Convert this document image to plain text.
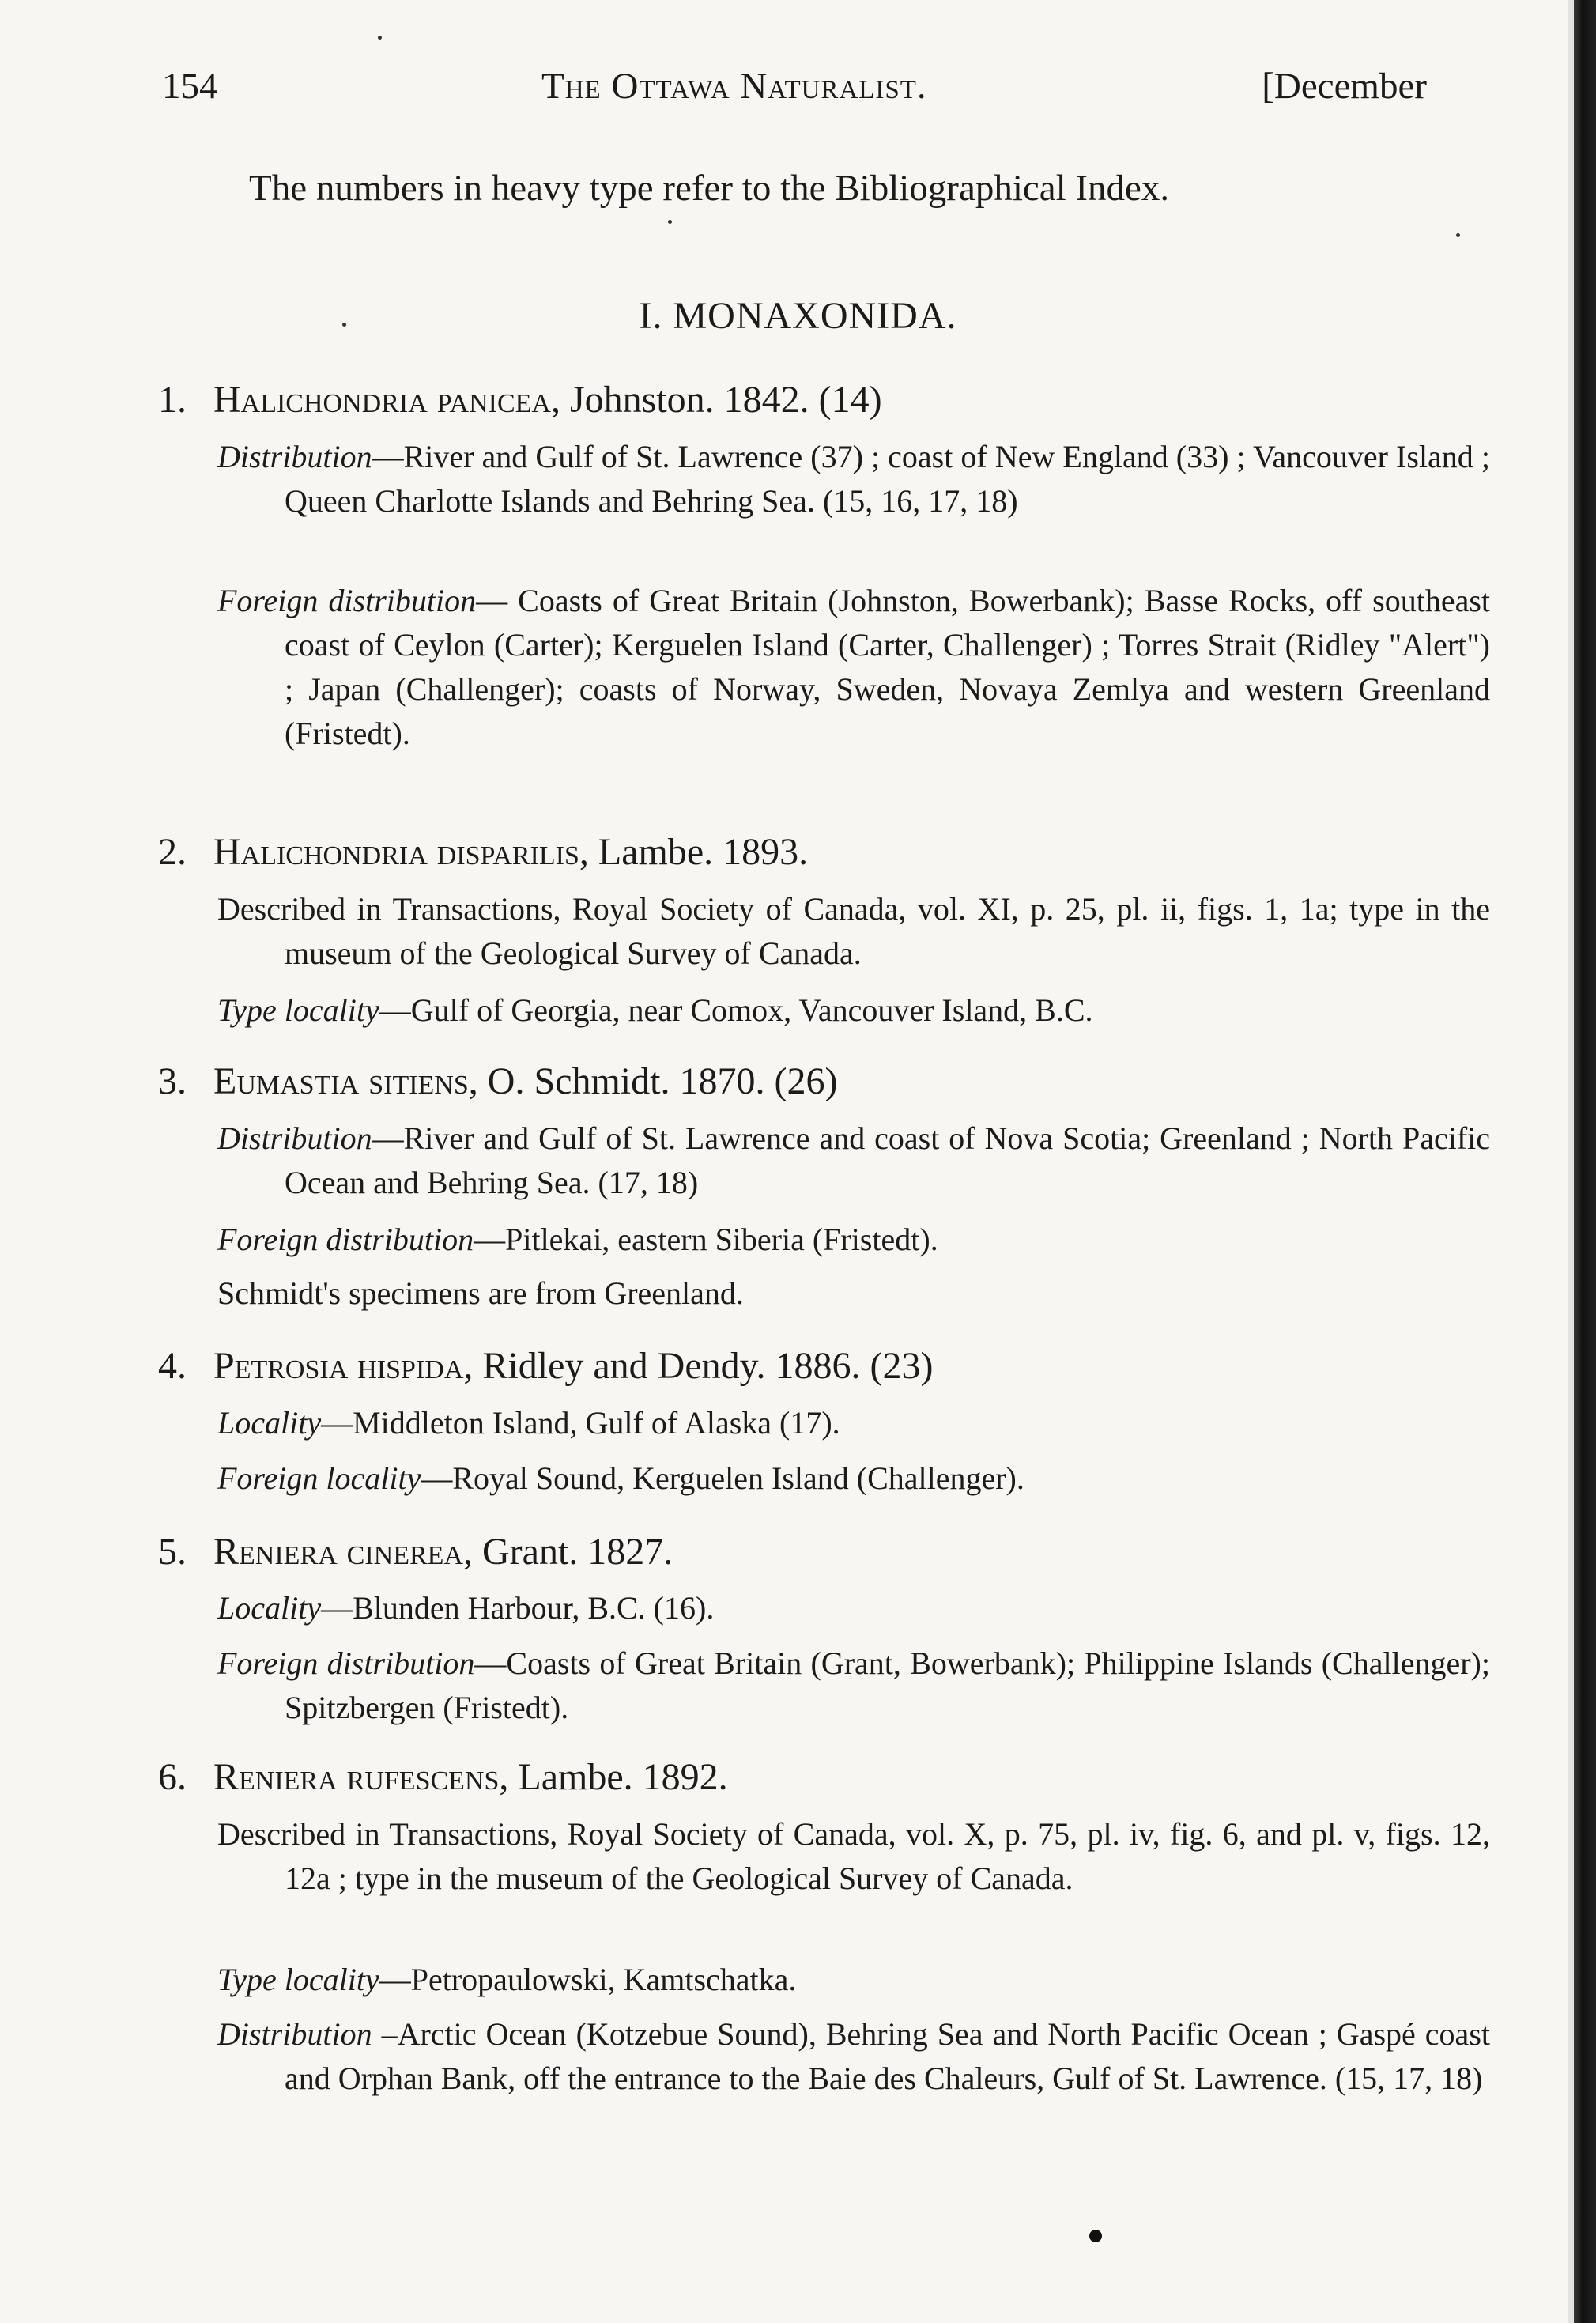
154	The Ottawa Naturalist.	[December
The numbers in heavy type refer to the Bibliographical Index.
I. MONAXONIDA.
1. Halichondria panicea, Johnston. 1842. (14)
Distribution—River and Gulf of St. Lawrence (37) ; coast of New England (33) ; Vancouver Island ; Queen Charlotte Islands and Behring Sea. (15, 16, 17, 18)
Foreign distribution— Coasts of Great Britain (Johnston, Bowerbank); Basse Rocks, off southeast coast of Ceylon (Carter); Kerguelen Island (Carter, Challenger) ; Torres Strait (Ridley "Alert") ; Japan (Challenger); coasts of Norway, Sweden, Novaya Zemlya and western Greenland (Fristedt).
2. Halichondria disparilis, Lambe. 1893.
Described in Transactions, Royal Society of Canada, vol. XI, p. 25, pl. ii, figs. 1, 1a; type in the museum of the Geological Survey of Canada.
Type locality—Gulf of Georgia, near Comox, Vancouver Island, B.C.
3. Eumastia sitiens, O. Schmidt. 1870. (26)
Distribution—River and Gulf of St. Lawrence and coast of Nova Scotia; Greenland ; North Pacific Ocean and Behring Sea. (17, 18)
Foreign distribution—Pitlekai, eastern Siberia (Fristedt).
Schmidt's specimens are from Greenland.
4. Petrosia hispida, Ridley and Dendy. 1886. (23)
Locality—Middleton Island, Gulf of Alaska (17).
Foreign locality—Royal Sound, Kerguelen Island (Challenger).
5. Reniera cinerea, Grant. 1827.
Locality—Blunden Harbour, B.C. (16).
Foreign distribution—Coasts of Great Britain (Grant, Bowerbank); Philippine Islands (Challenger); Spitzbergen (Fristedt).
6. Reniera rufescens, Lambe. 1892.
Described in Transactions, Royal Society of Canada, vol. X, p. 75, pl. iv, fig. 6, and pl. v, figs. 12, 12a ; type in the museum of the Geological Survey of Canada.
Type locality—Petropaulowski, Kamtschatka.
Distribution –Arctic Ocean (Kotzebue Sound), Behring Sea and North Pacific Ocean ; Gaspé coast and Orphan Bank, off the entrance to the Baie des Chaleurs, Gulf of St. Lawrence. (15, 17, 18)
